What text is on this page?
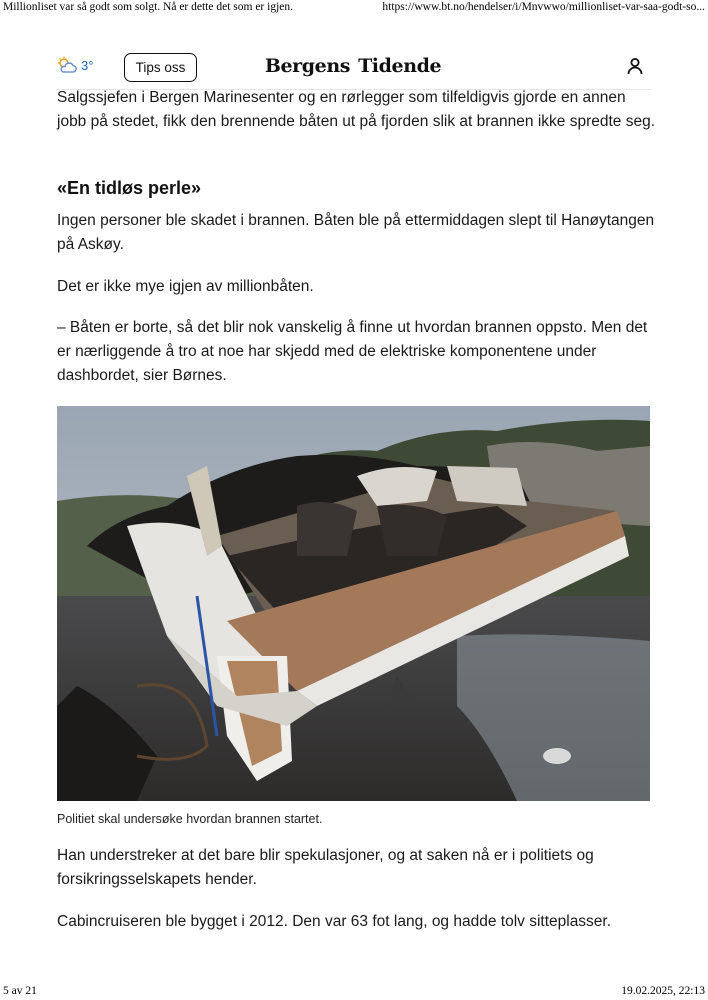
Millionliset var så godt som solgt. Nå er dette det som er igjen.	https://www.bt.no/hendelser/i/Mnvwwo/millionliset-var-saa-godt-so...
3°	Tips oss	Bergens Tidende

Salgssjefen i Bergen Marinesenter og en rørlegger som tilfeldigvis gjorde en annen jobb på stedet, fikk den brennende båten ut på fjorden slik at brannen ikke spredte seg.

«En tidløs perle»

Ingen personer ble skadet i brannen. Båten ble på ettermiddagen slept til Hanøytangen på Askøy.

Det er ikke mye igjen av millionbåten.

– Båten er borte, så det blir nok vanskelig å finne ut hvordan brannen oppsto. Men det er nærliggende å tro at noe har skjedd med de elektriske komponentene under dashbordet, sier Børnes.

Politiet skal undersøke hvordan brannen startet.

Han understreker at det bare blir spekulasjoner, og at saken nå er i politiets og forsikringsselskapets hender.

Cabincruiseren ble bygget i 2012. Den var 63 fot lang, og hadde tolv sitteplasser.

5 av 21	19.02.2025, 22:13
